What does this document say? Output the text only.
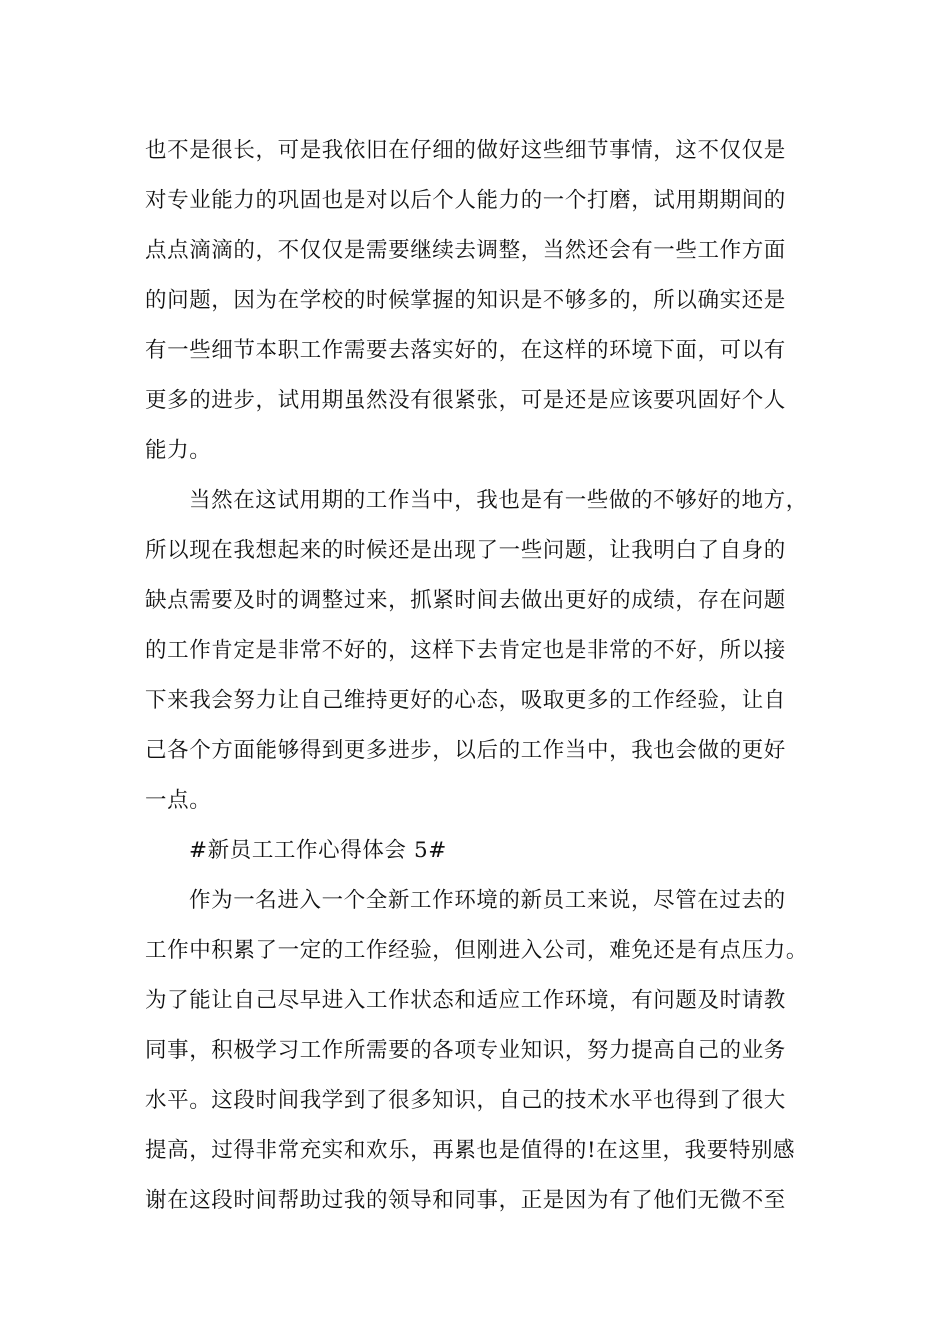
也不是很长，可是我依旧在仔细的做好这些细节事情，这不仅仅是
对专业能力的巩固也是对以后个人能力的一个打磨，试用期期间的
点点滴滴的，不仅仅是需要继续去调整，当然还会有一些工作方面
的问题，因为在学校的时候掌握的知识是不够多的，所以确实还是
有一些细节本职工作需要去落实好的，在这样的环境下面，可以有
更多的进步，试用期虽然没有很紧张，可是还是应该要巩固好个人
能力。
当然在这试用期的工作当中，我也是有一些做的不够好的地方，
所以现在我想起来的时候还是出现了一些问题，让我明白了自身的
缺点需要及时的调整过来，抓紧时间去做出更好的成绩，存在问题
的工作肯定是非常不好的，这样下去肯定也是非常的不好，所以接
下来我会努力让自己维持更好的心态，吸取更多的工作经验，让自
己各个方面能够得到更多进步，以后的工作当中，我也会做的更好
一点。
#新员工工作心得体会 5#
作为一名进入一个全新工作环境的新员工来说，尽管在过去的
工作中积累了一定的工作经验，但刚进入公司，难免还是有点压力。
为了能让自己尽早进入工作状态和适应工作环境，有问题及时请教
同事，积极学习工作所需要的各项专业知识，努力提高自己的业务
水平。这段时间我学到了很多知识，自己的技术水平也得到了很大
提高，过得非常充实和欢乐，再累也是值得的!在这里，我要特别感
谢在这段时间帮助过我的领导和同事，正是因为有了他们无微不至
